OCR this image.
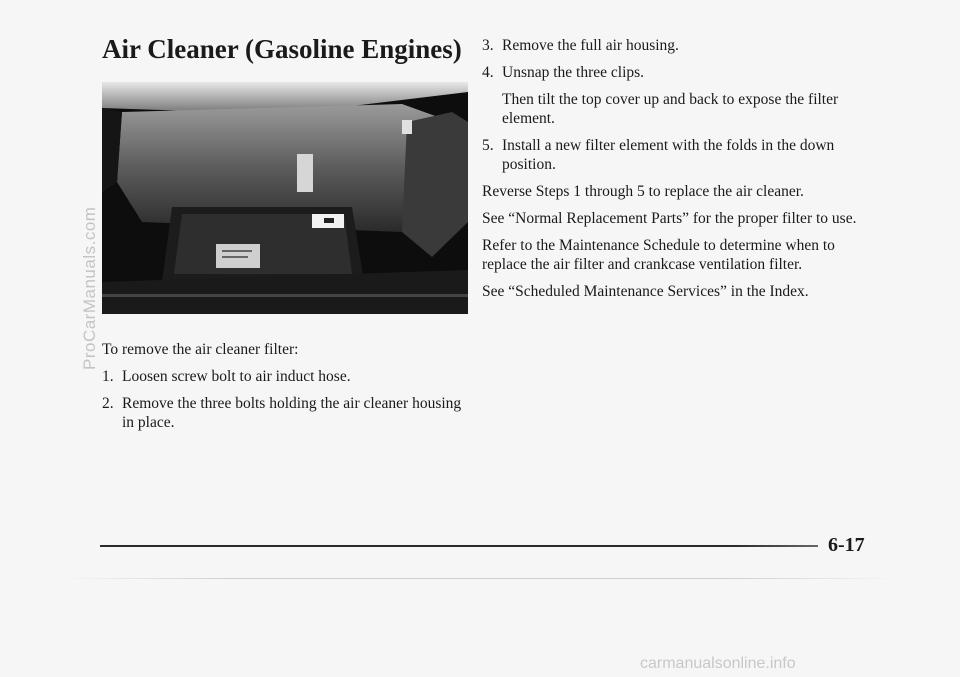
ProCarManuals.com
Air Cleaner (Gasoline Engines)

To remove the air cleaner filter:

1. Loosen screw bolt to air induct hose.
2. Remove the three bolts holding the air cleaner housing in place.
3. Remove the full air housing.
4. Unsnap the three clips.

Then tilt the top cover up and back to expose the filter element.

5. Install a new filter element with the folds in the down position.

Reverse Steps 1 through 5 to replace the air cleaner.

See “Normal Replacement Parts” for the proper filter to use.

Refer to the Maintenance Schedule to determine when to replace the air filter and crankcase ventilation filter.

See “Scheduled Maintenance Services” in the Index.

6-17
carmanualsonline.info
